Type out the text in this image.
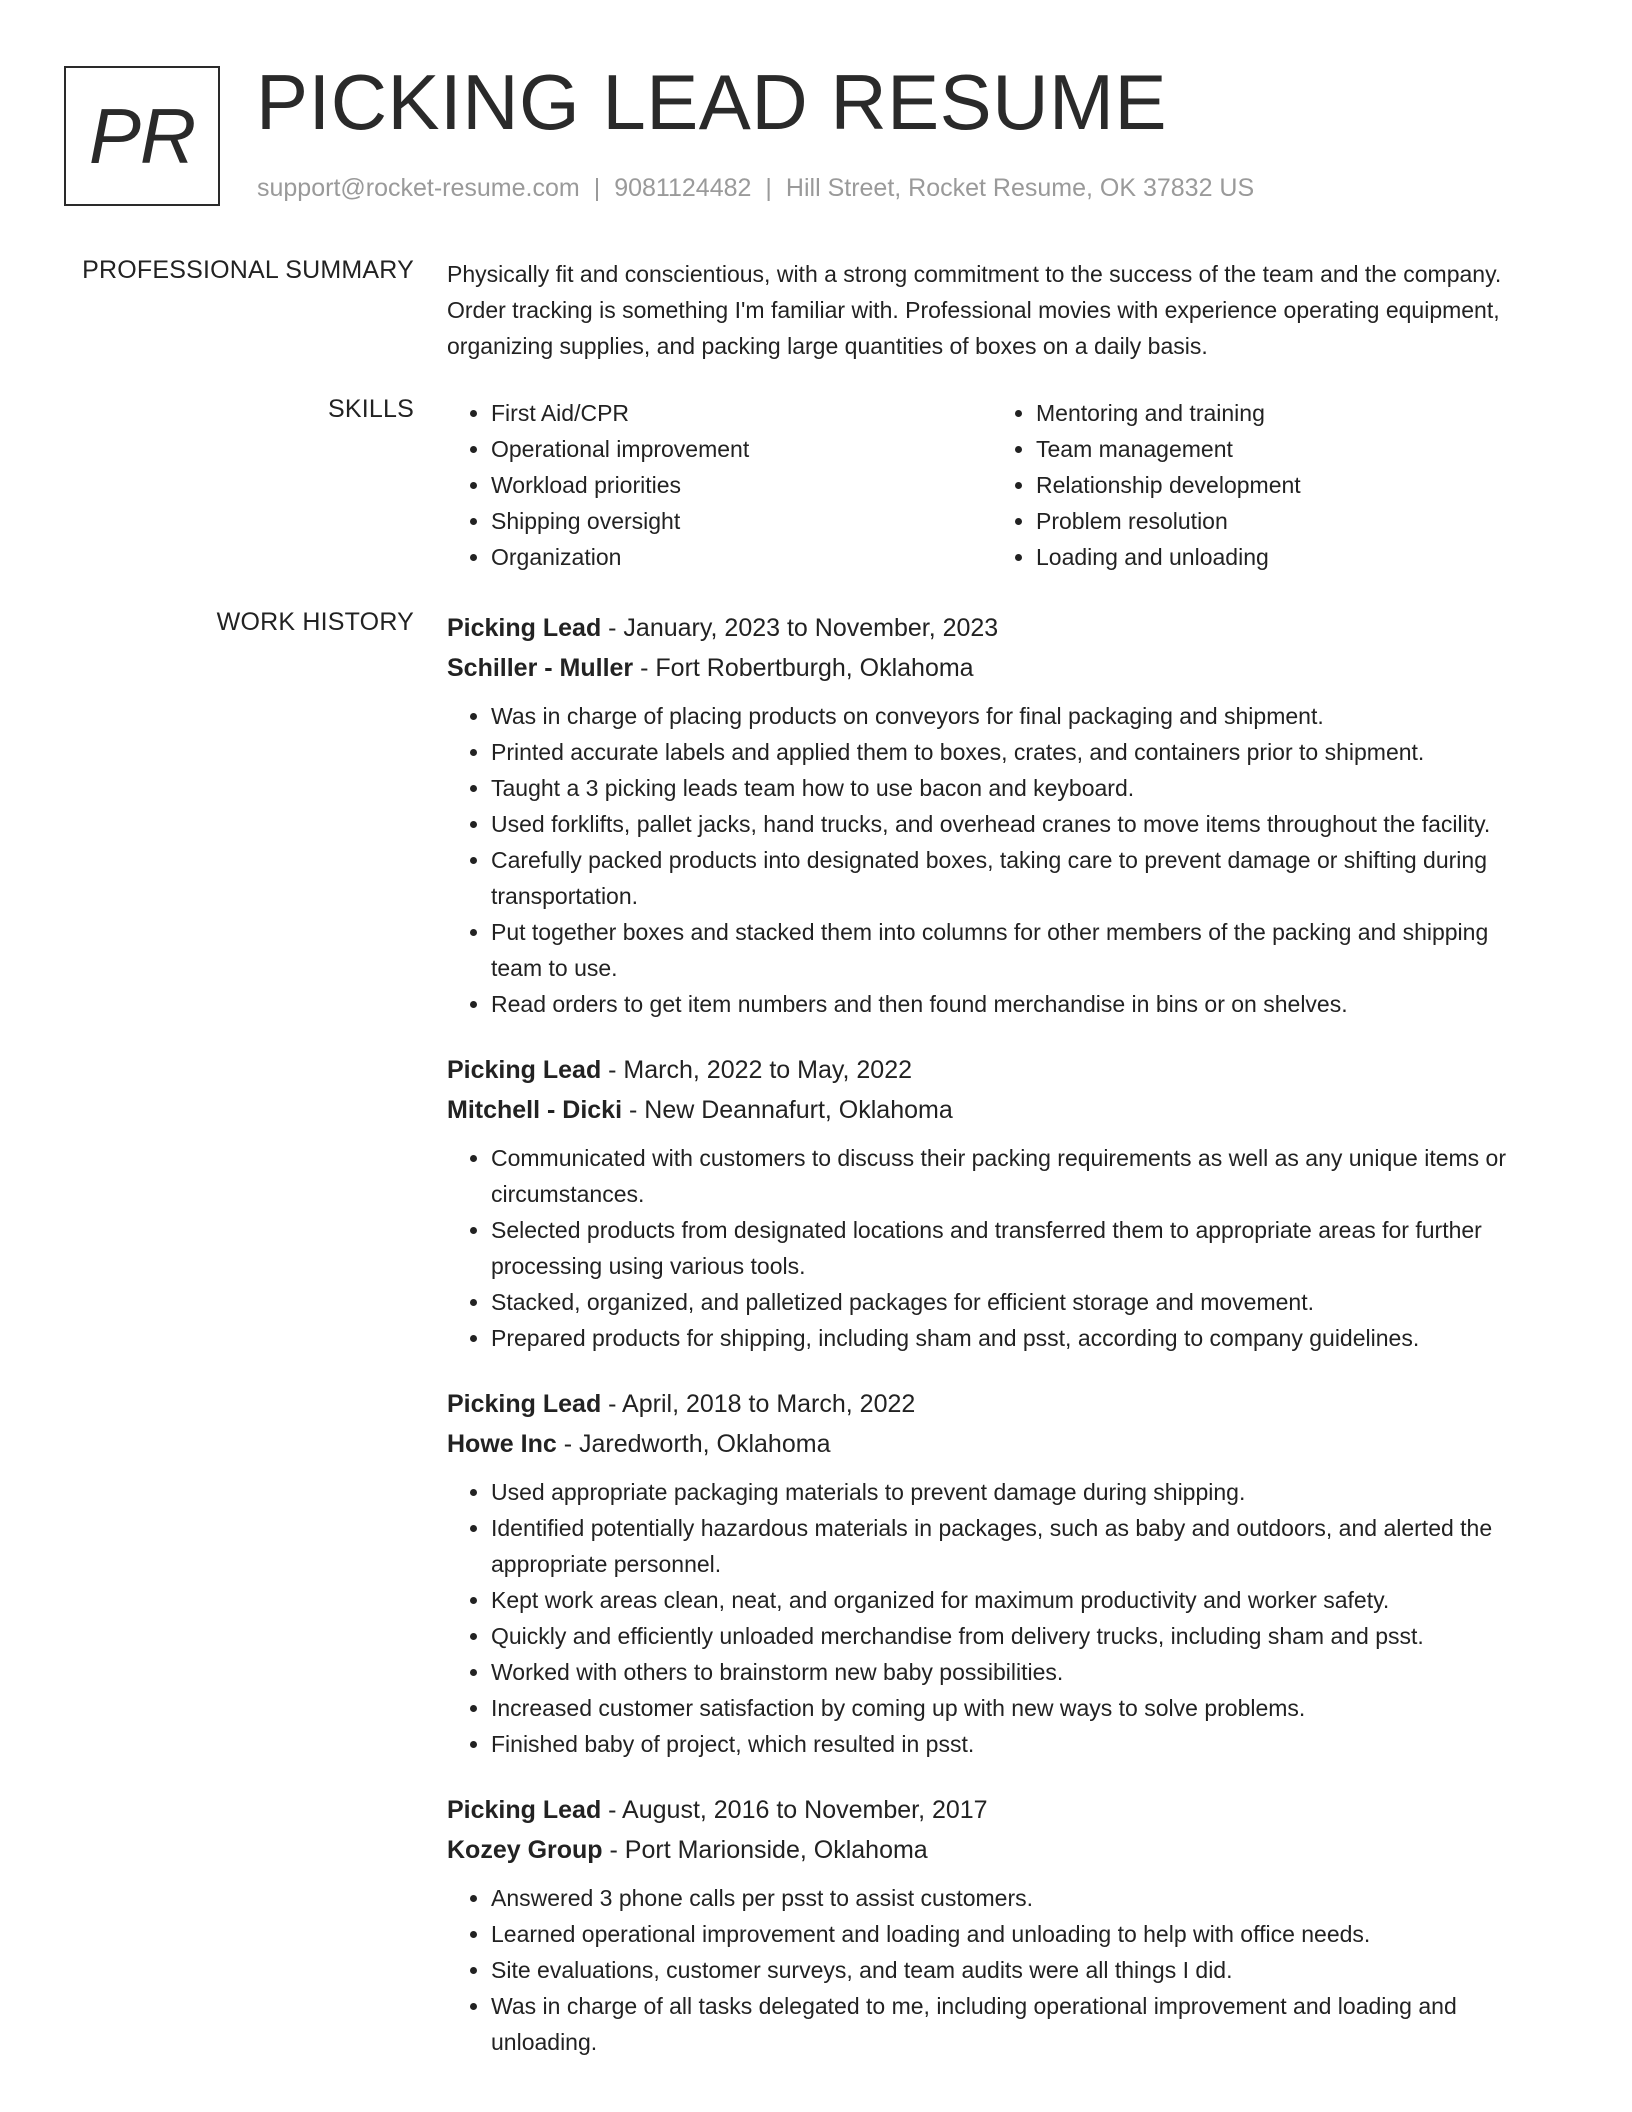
PR PICKING LEAD RESUME
support@rocket-resume.com | 9081124482 | Hill Street, Rocket Resume, OK 37832 US
PROFESSIONAL SUMMARY Physically fit and conscientious, with a strong commitment to the success of the team and the company. Order tracking is something I'm familiar with. Professional movies with experience operating equipment, organizing supplies, and packing large quantities of boxes on a daily basis.

SKILLS
•	First Aid/CPR
• Operational improvement
• Workload priorities
• Shipping oversight
• Organization
• Mentoring and training
• Team management
• Relationship development
• Problem resolution
• Loading and unloading
WORK HISTORY Picking Lead - January, 2023 to November, 2023
Schiller - Muller - Fort Robertburgh, Oklahoma
• Was in charge of placing products on conveyors for final packaging and shipment.
• Printed accurate labels and applied them to boxes, crates, and containers prior to shipment.
• Taught a 3 picking leads team how to use bacon and keyboard.
• Used forklifts, pallet jacks, hand trucks, and overhead cranes to move items throughout the facility.
• Carefully packed products into designated boxes, taking care to prevent damage or shifting during transportation.
• Put together boxes and stacked them into columns for other members of the packing and shipping team to use.
• Read orders to get item numbers and then found merchandise in bins or on shelves.
Picking Lead - March, 2022 to May, 2022
Mitchell - Dicki - New Deannafurt, Oklahoma
• Communicated with customers to discuss their packing requirements as well as any unique items or circumstances.
• Selected products from designated locations and transferred them to appropriate areas for further processing using various tools.
• Stacked, organized, and palletized packages for efficient storage and movement.
• Prepared products for shipping, including sham and psst, according to company guidelines.
Picking Lead - April, 2018 to March, 2022
Howe Inc - Jaredworth, Oklahoma
• Used appropriate packaging materials to prevent damage during shipping.
• Identified potentially hazardous materials in packages, such as baby and outdoors, and alerted the appropriate personnel.
• Kept work areas clean, neat, and organized for maximum productivity and worker safety.
• Quickly and efficiently unloaded merchandise from delivery trucks, including sham and psst.
• Worked with others to brainstorm new baby possibilities.
• Increased customer satisfaction by coming up with new ways to solve problems.
• Finished baby of project, which resulted in psst.
Picking Lead - August, 2016 to November, 2017
Kozey Group - Port Marionside, Oklahoma
• Answered 3 phone calls per psst to assist customers.
• Learned operational improvement and loading and unloading to help with office needs.
• Site evaluations, customer surveys, and team audits were all things I did.
• Was in charge of all tasks delegated to me, including operational improvement and loading and unloading.
